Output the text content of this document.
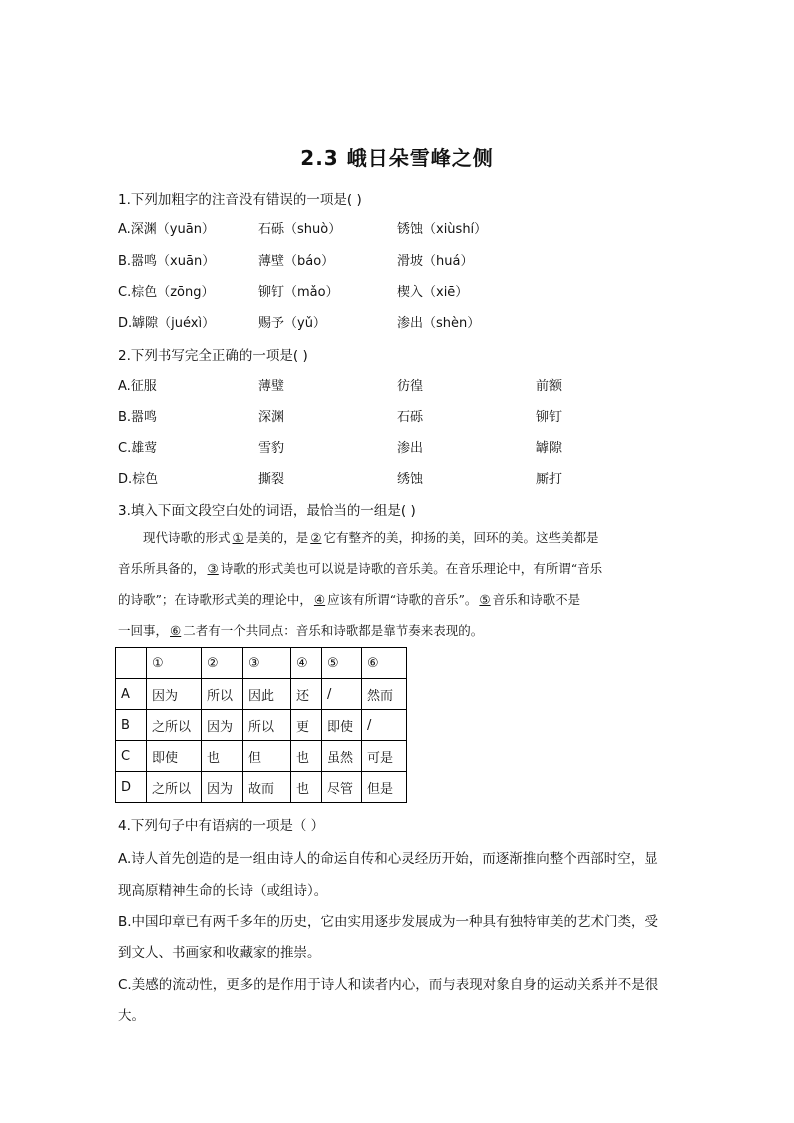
2.3 峨日朵雪峰之侧
1.下列加粗字的注音没有错误的一项是( )
A.深渊（yuān）	石砾（shuò）	锈蚀（xiùshí）
B.嚣鸣（xuān）	薄壁（báo）	滑坡（huá）
C.棕色（zōng）	铆钉（mǎo）	楔入（xiē）
D.罅隙（juéxì）	赐予（yǔ）	渗出（shèn）
2.下列书写完全正确的一项是( )
A.征服	薄璧	彷徨	前额
B.嚣鸣	深渊	石砾	铆钉
C.雄莺	雪豹	渗出	罅隙
D.棕色	撕裂	绣蚀	厮打
3.填入下面文段空白处的词语，最恰当的一组是( )
现代诗歌的形式 ① 是美的，是 ② 它有整齐的美，抑扬的美，回环的美。这些美都是
音乐所具备的， ③ 诗歌的形式美也可以说是诗歌的音乐美。在音乐理论中，有所谓“音乐
的诗歌”；在诗歌形式美的理论中， ④ 应该有所谓“诗歌的音乐”。 ⑤ 音乐和诗歌不是
一回事， ⑥ 二者有一个共同点：音乐和诗歌都是靠节奏来表现的。
	①	②	③	④	⑤	⑥
A	因为	所以	因此	还	/	然而
B	之所以	因为	所以	更	即使	/
C	即使	也	但	也	虽然	可是
D	之所以	因为	故而	也	尽管	但是
4.下列句子中有语病的一项是（ ）
A.诗人首先创造的是一组由诗人的命运自传和心灵经历开始，而逐渐推向整个西部时空，显
现高原精神生命的长诗（或组诗）。
B.中国印章已有两千多年的历史，它由实用逐步发展成为一种具有独特审美的艺术门类，受
到文人、书画家和收藏家的推崇。
C.美感的流动性，更多的是作用于诗人和读者内心，而与表现对象自身的运动关系并不是很
大。
